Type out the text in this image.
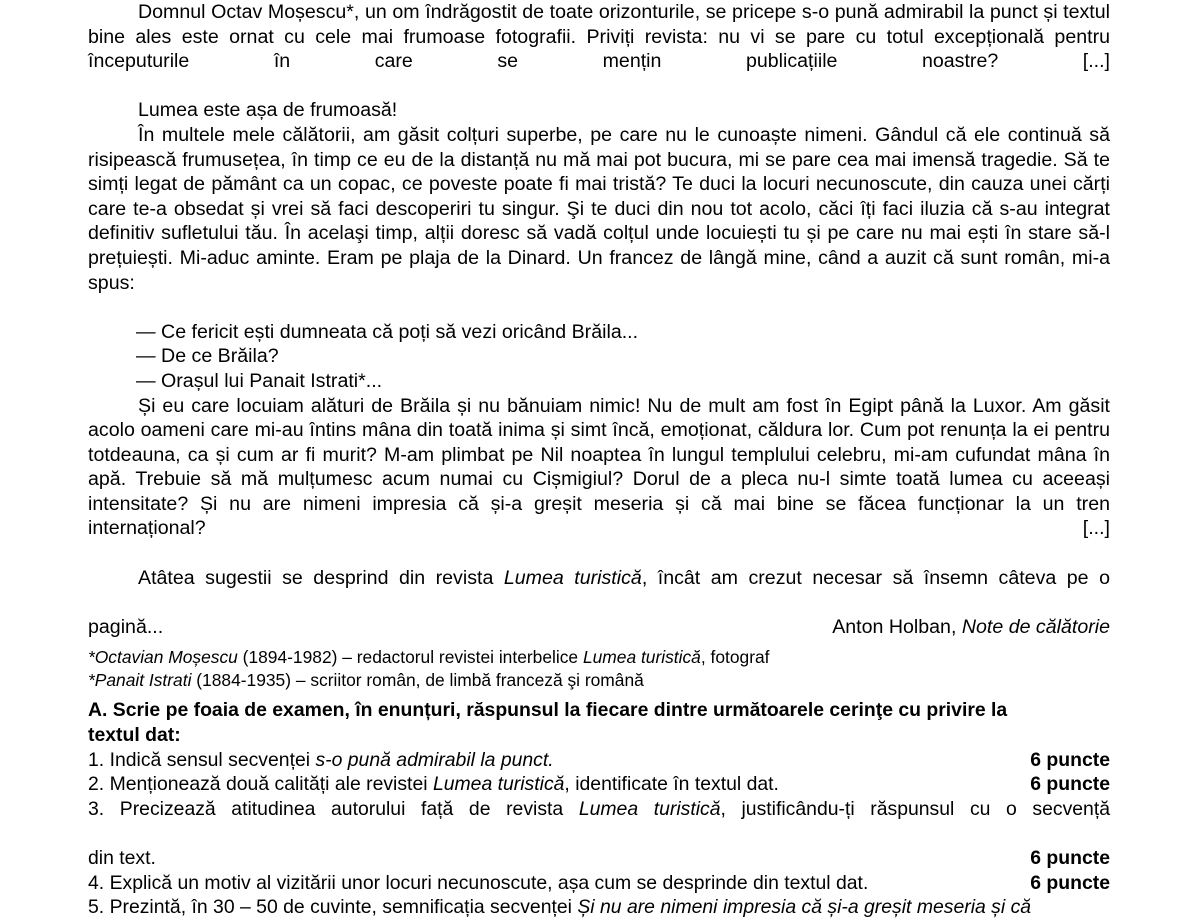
Domnul Octav Moșescu*, un om îndrăgostit de toate orizonturile, se pricepe s-o pună admirabil la punct și textul bine ales este ornat cu cele mai frumoase fotografii. Priviți revista: nu vi se pare cu totul excepțională pentru începuturile în care se mențin publicațiile noastre? [...]

Lumea este așa de frumoasă!

În multele mele călătorii, am găsit colțuri superbe, pe care nu le cunoaște nimeni. Gândul că ele continuă să risipească frumusețea, în timp ce eu de la distanță nu mă mai pot bucura, mi se pare cea mai imensă tragedie. Să te simți legat de pământ ca un copac, ce poveste poate fi mai tristă? Te duci la locuri necunoscute, din cauza unei cărți care te-a obsedat și vrei să faci descoperiri tu singur. Şi te duci din nou tot acolo, căci îți faci iluzia că s-au integrat definitiv sufletului tău. În acelaşi timp, alții doresc să vadă colțul unde locuiești tu și pe care nu mai ești în stare să-l prețuiești. Mi-aduc aminte. Eram pe plaja de la Dinard. Un francez de lângă mine, când a auzit că sunt român, mi-a spus:

— Ce fericit ești dumneata că poți să vezi oricând Brăila...

— De ce Brăila?

— Orașul lui Panait Istrati*...

Și eu care locuiam alături de Brăila și nu bănuiam nimic! Nu de mult am fost în Egipt până la Luxor. Am găsit acolo oameni care mi-au întins mâna din toată inima și simt încă, emoționat, căldura lor. Cum pot renunța la ei pentru totdeauna, ca și cum ar fi murit? M-am plimbat pe Nil noaptea în lungul templului celebru, mi-am cufundat mâna în apă. Trebuie să mă mulțumesc acum numai cu Cișmigiul? Dorul de a pleca nu-l simte toată lumea cu aceeași intensitate? Și nu are nimeni impresia că și-a greșit meseria și că mai bine se făcea funcționar la un tren internațional? [...]

Atâtea sugestii se desprind din revista Lumea turistică, încât am crezut necesar să însemn câteva pe o

pagină...	Anton Holban, Note de călătorie

*Octavian Moșescu (1894-1982) – redactorul revistei interbelice Lumea turistică, fotograf

*Panait Istrati (1884-1935) – scriitor român, de limbă franceză şi română

A. Scrie pe foaia de examen, în enunțuri, răspunsul la fiecare dintre următoarele cerinţe cu privire la

textul dat:

1. Indică sensul secvenței s-o pună admirabil la punct.	6 puncte
2. Menționează două calități ale revistei Lumea turistică, identificate în textul dat.	6 puncte
3. Precizează atitudinea autorului față de revista Lumea turistică, justificându-ți răspunsul cu o secvență
din text.	6 puncte
4. Explică un motiv al vizitării unor locuri necunoscute, așa cum se desprinde din textul dat.	6 puncte
5. Prezintă, în 30 – 50 de cuvinte, semnificația secvenței Și nu are nimeni impresia că și-a greșit meseria și că
